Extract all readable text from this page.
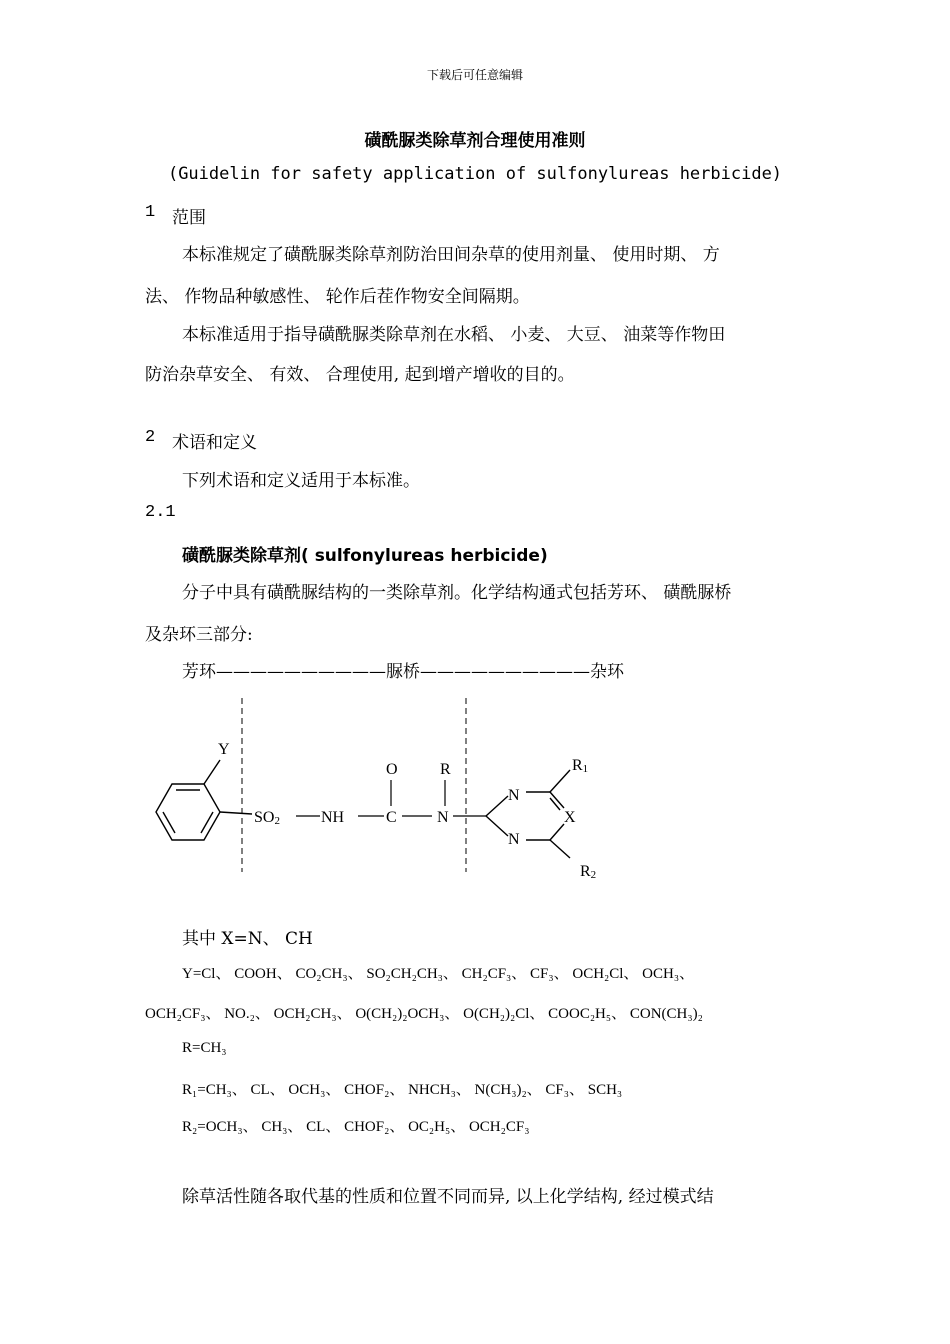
下载后可任意编辑
磺酰脲类除草剂合理使用准则
(Guidelin for safety application of sulfonylureas herbicide)
1 范围
本标准规定了磺酰脲类除草剂防治田间杂草的使用剂量、 使用时期、 方
法、 作物品种敏感性、 轮作后茬作物安全间隔期。
本标准适用于指导磺酰脲类除草剂在水稻、 小麦、 大豆、 油菜等作物田
防治杂草安全、 有效、 合理使用, 起到增产增收的目的。
2 术语和定义
下列术语和定义适用于本标准。
2.1
磺酰脲类除草剂( sulfonylureas herbicide)
分子中具有磺酰脲结构的一类除草剂。化学结构通式包括芳环、 磺酰脲桥
及杂环三部分:
芳环——————————脲桥——————————杂环
Y
SO2	NH
O
C
R
N
N
N
X
R1
R2
其中 X=N、 CH
Y=Cl、 COOH、 CO₂CH₃、 SO₂CH₂CH₃、 CH₂CF₃、 CF₃、 OCH₂Cl、 OCH₃、
OCH₂CF₃、 NO.₂、 OCH₂CH₃、 O(CH₂)₂OCH₃、 O(CH₂)₂Cl、 COOC₂H₅、 CON(CH₃)₂
R=CH₃
R₁=CH₃、 CL、 OCH₃、 CHOF₂、 NHCH₃、 N(CH₃)₂、 CF₃、 SCH₃
R₂=OCH₃、 CH₃、 CL、 CHOF₂、 OC₂H₅、 OCH₂CF₃
除草活性随各取代基的性质和位置不同而异, 以上化学结构, 经过模式结
